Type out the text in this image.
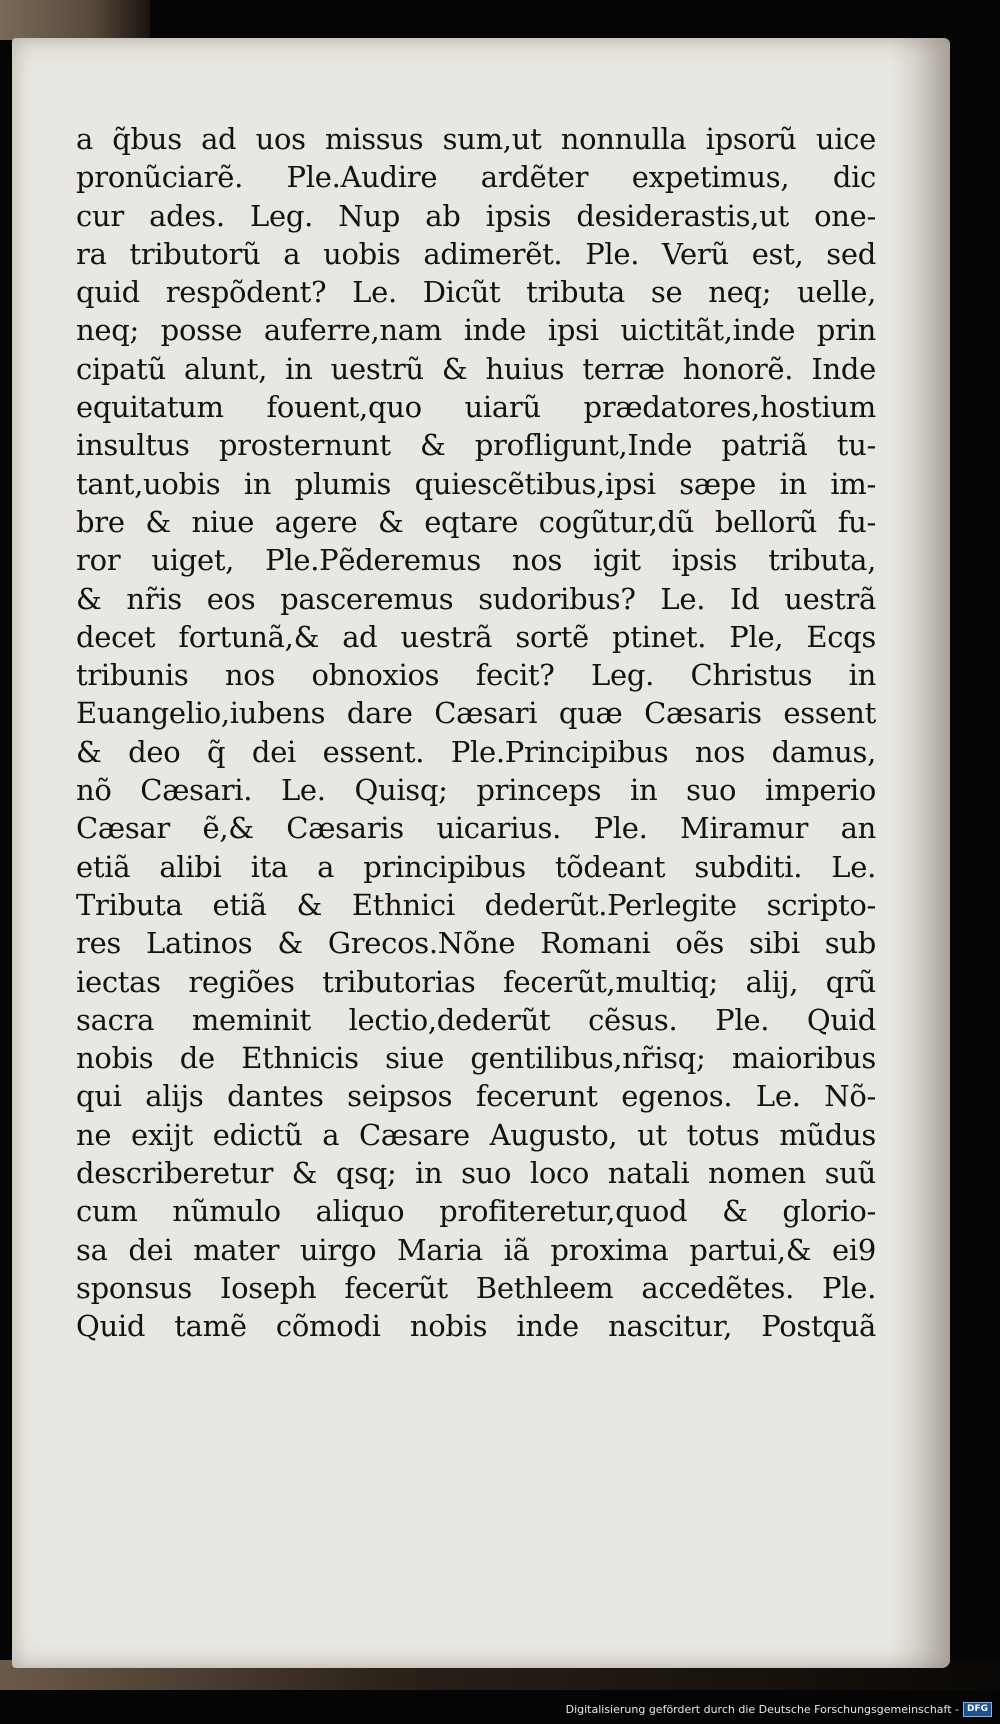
a q̃bus ad uos missus sum,ut nonnulla ipsorũ uice
pronũciarẽ. Ple.Audire ardẽter expetimus, dic
cur ades. Leg. Nup ab ipsis desiderastis,ut one-
ra tributorũ a uobis adimerẽt. Ple. Verũ est, sed
quid respõdent? Le. Dicũt tributa se neq; uelle,
neq; posse auferre,nam inde ipsi uictitãt,inde prin
cipatũ alunt, in uestrũ & huius terræ honorẽ. Inde
equitatum fouent,quo uiarũ prædatores,hostium
insultus prosternunt & profligunt,Inde patriã tu-
tant,uobis in plumis quiescẽtibus,ipsi sæpe in im-
bre & niue agere & eqtare cogũtur,dũ bellorũ fu-
ror uiget, Ple.Pẽderemus nos igit ipsis tributa,
& nr̃is eos pasceremus sudoribus? Le. Id uestrã
decet fortunã,& ad uestrã sortẽ ptinet. Ple, Ecqs
tribunis nos obnoxios fecit? Leg. Christus in
Euangelio,iubens dare Cæsari quæ Cæsaris essent
& deo q̃ dei essent. Ple.Principibus nos damus,
nõ Cæsari. Le. Quisq; princeps in suo imperio
Cæsar ẽ,& Cæsaris uicarius. Ple. Miramur an
etiã alibi ita a principibus tõdeant subditi. Le.
Tributa etiã & Ethnici dederũt.Perlegite scripto-
res Latinos & Grecos.Nõne Romani oẽs sibi sub
iectas regiões tributorias fecerũt,multiq; alij, qrũ
sacra meminit lectio,dederũt cẽsus. Ple. Quid
nobis de Ethnicis siue gentilibus,nr̃isq; maioribus
qui alijs dantes seipsos fecerunt egenos. Le. Nõ-
ne exijt edictũ a Cæsare Augusto, ut totus mũdus
describeretur & qsq; in suo loco natali nomen suũ
cum nũmulo aliquo profiteretur,quod & glorio-
sa dei mater uirgo Maria iã proxima partui,& ei9
sponsus Ioseph fecerũt Bethleem accedẽtes. Ple.
Quid tamẽ cõmodi nobis inde nascitur, Postquã
Digitalisierung gefördert durch die Deutsche Forschungsgemeinschaft - DFG
